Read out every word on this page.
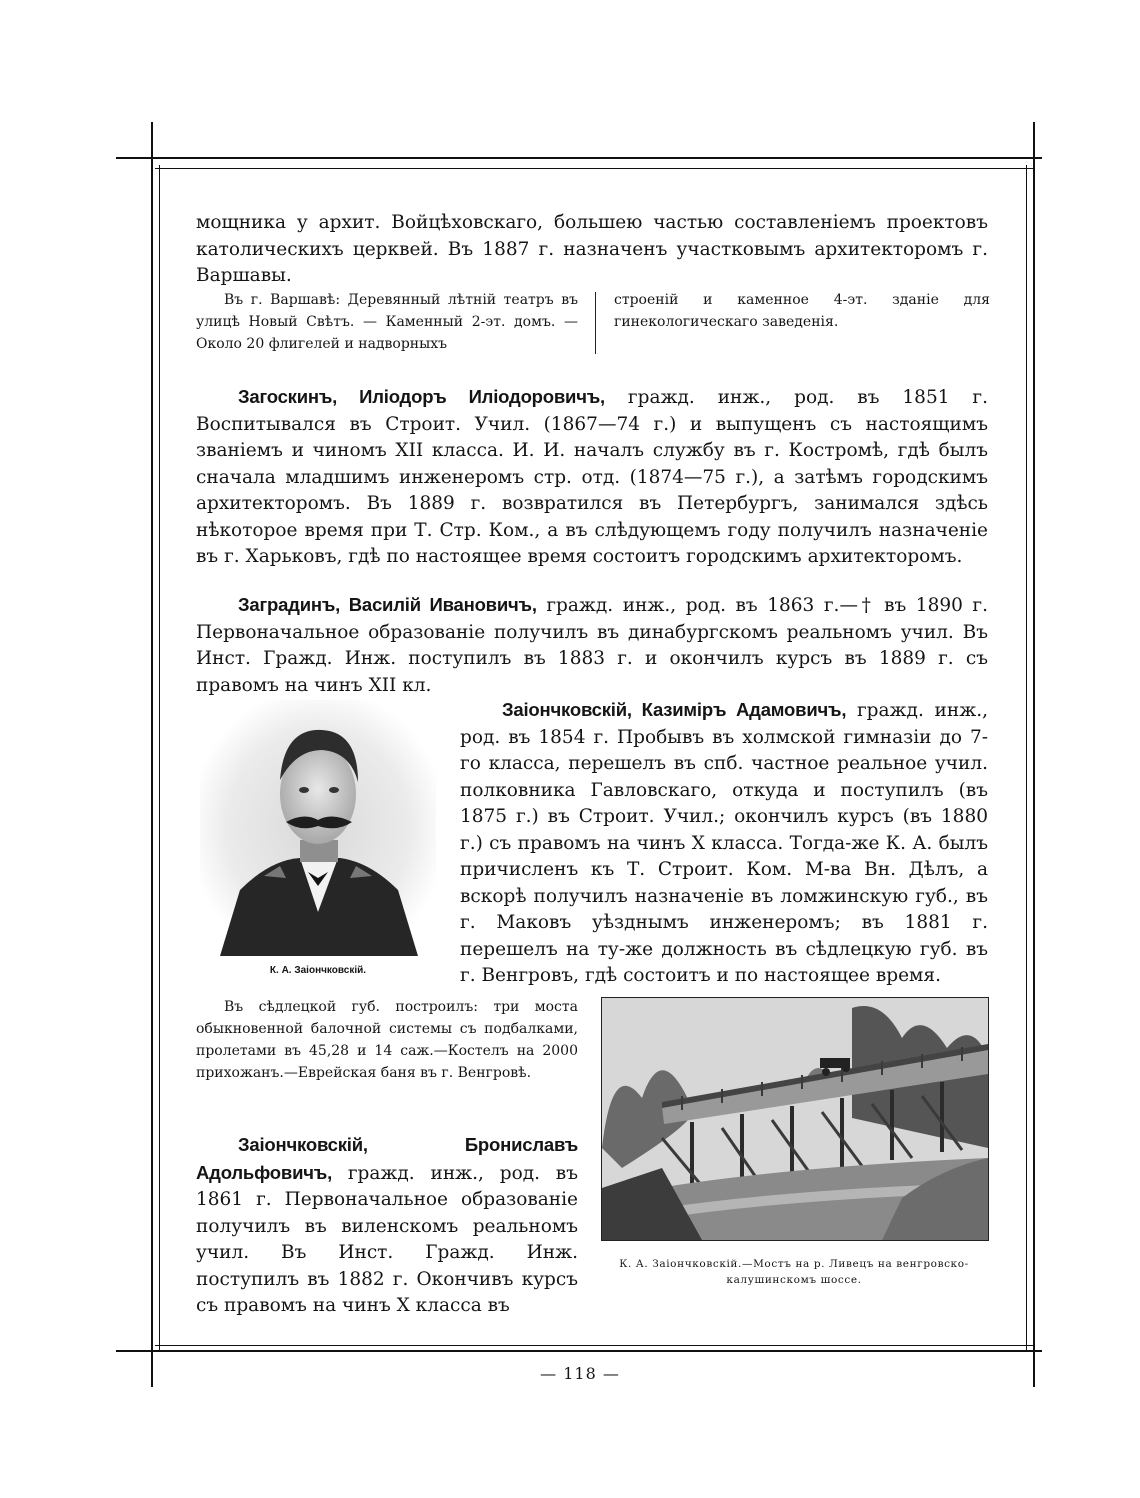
мощника у архит. Войцѣховскаго, большею частью составленіемъ проектовъ католическихъ церквей. Въ 1887 г. назначенъ участковымъ архитекторомъ г. Варшавы.

Въ г. Варшавѣ: Деревянный лѣтній театръ въ улицѣ Новый Свѣтъ. — Каменный 2-эт. домъ. — Около 20 флигелей и надворныхъ

строеній и каменное 4-эт. зданіе для гинекологическаго заведенія.

Загоскинъ, Иліодоръ Иліодоровичъ, гражд. инж., род. въ 1851 г. Воспитывался въ Строит. Учил. (1867—74 г.) и выпущенъ съ настоящимъ званіемъ и чиномъ XII класса. И. И. началъ службу въ г. Костромѣ, гдѣ былъ сначала младшимъ инженеромъ стр. отд. (1874—75 г.), а затѣмъ городскимъ архитекторомъ. Въ 1889 г. возвратился въ Петербургъ, занимался здѣсь нѣкоторое время при Т. Стр. Ком., а въ слѣдующемъ году получилъ назначеніе въ г. Харьковъ, гдѣ по настоящее время состоитъ городскимъ архитекторомъ.
Заградинъ, Василій Ивановичъ, гражд. инж., род. въ 1863 г.—† въ 1890 г. Первоначальное образованіе получилъ въ динабургскомъ реальномъ учил. Въ Инст. Гражд. Инж. поступилъ въ 1883 г. и окончилъ курсъ въ 1889 г. съ правомъ на чинъ XII кл.
К. А. Заіончковскій.
Заіончковскій, Казиміръ Адамовичъ, гражд. инж., род. въ 1854 г. Пробывъ въ холмской гимназіи до 7-го класса, перешелъ въ спб. частное реальное учил. полковника Гавловскаго, откуда и поступилъ (въ 1875 г.) въ Строит. Учил.; окончилъ курсъ (въ 1880 г.) съ правомъ на чинъ X класса. Тогда-же К. А. былъ причисленъ къ Т. Строит. Ком. М-ва Вн. Дѣлъ, а вскорѣ получилъ назначеніе въ ломжинскую губ., въ г. Маковъ уѣзднымъ инженеромъ; въ 1881 г. перешелъ на ту-же должность въ сѣдлецкую губ. въ г. Венгровъ, гдѣ состоитъ и по настоящее время.

Въ сѣдлецкой губ. построилъ: три моста обыкновенной балочной системы съ подбалками, пролетами въ 45,28 и 14 саж.—Костелъ на 2000 прихожанъ.—Еврейская баня въ г. Венгровѣ.

Заіончковскій, Брониславъ Адольфовичъ, гражд. инж., род. въ 1861 г. Первоначальное образованіе получилъ въ виленскомъ реальномъ учил. Въ Инст. Гражд. Инж. поступилъ въ 1882 г. Окончивъ курсъ съ правомъ на чинъ X класса въ
К. А. Заіончковскій.—Мостъ на р. Ливецъ на венгровско-калушинскомъ шоссе.
— 118 —
